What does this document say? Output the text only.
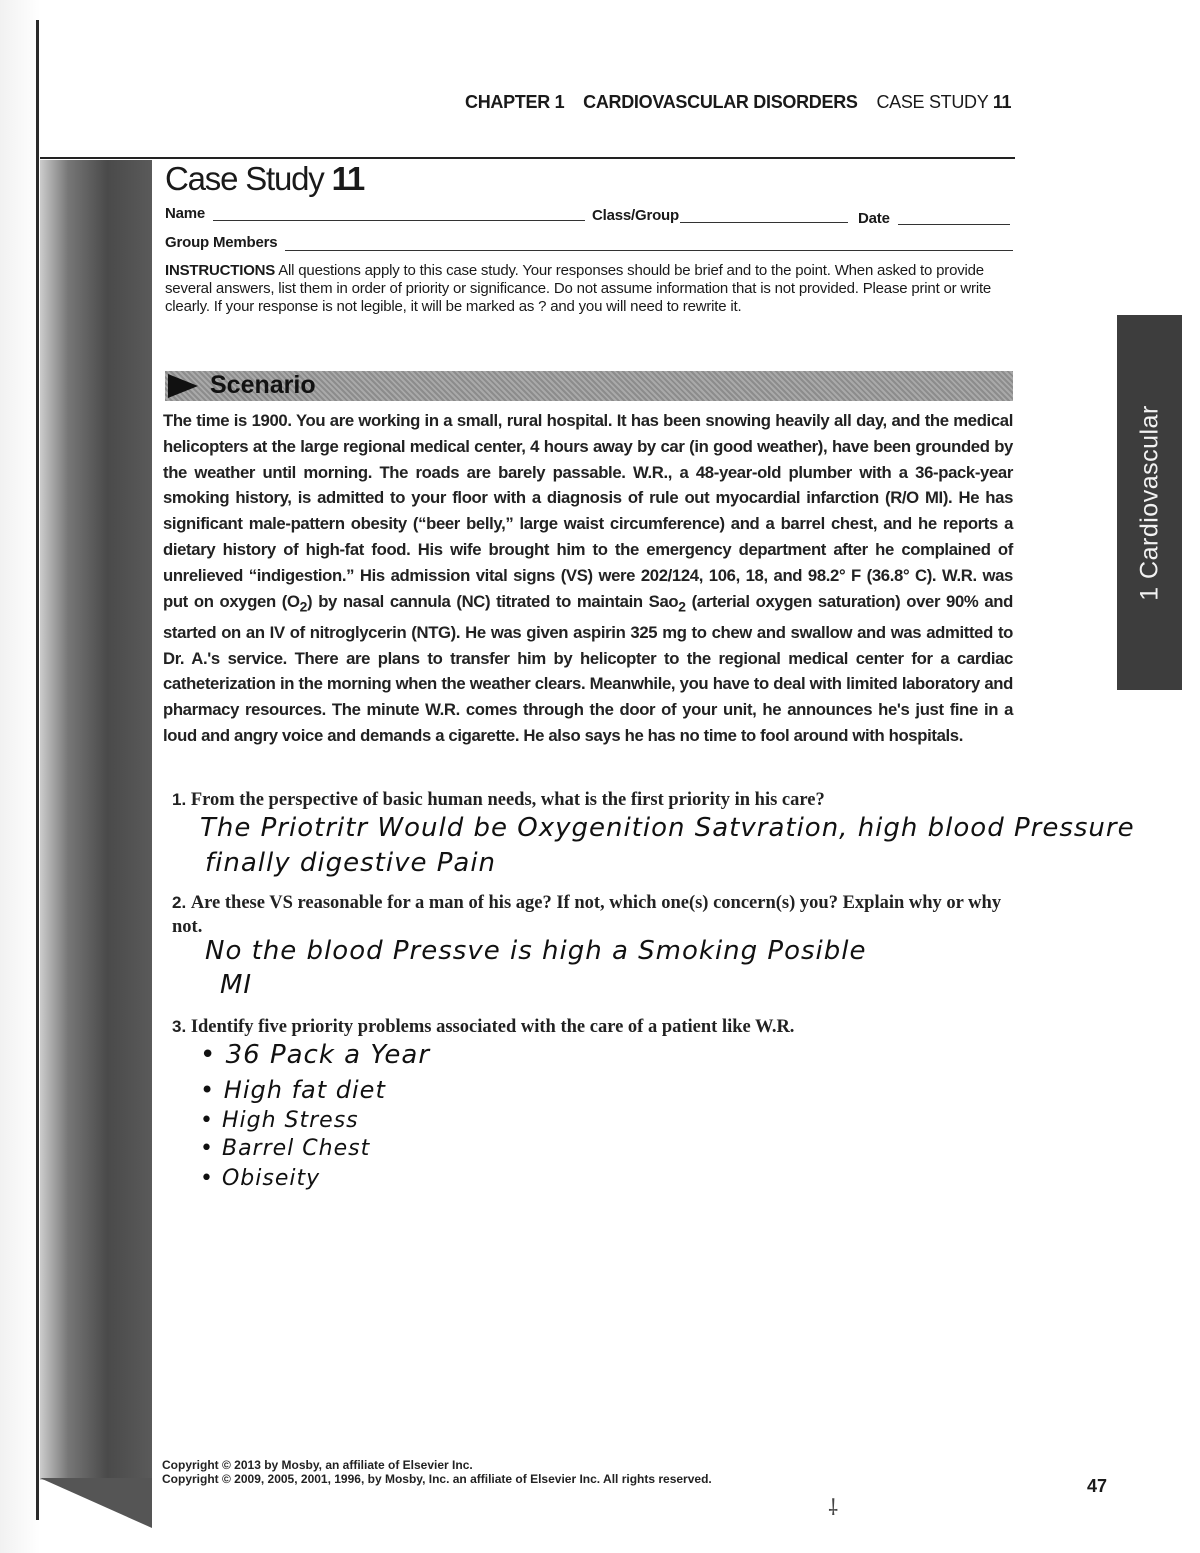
CHAPTER 1 CARDIOVASCULAR DISORDERS CASE STUDY 11
Case Study 11
Name	Class/Group	Date
Group Members
INSTRUCTIONS All questions apply to this case study. Your responses should be brief and to the point. When asked to provide several answers, list them in order of priority or significance. Do not assume information that is not provided. Please print or write clearly. If your response is not legible, it will be marked as ? and you will need to rewrite it.
Scenario
The time is 1900. You are working in a small, rural hospital. It has been snowing heavily all day, and the medical helicopters at the large regional medical center, 4 hours away by car (in good weather), have been grounded by the weather until morning. The roads are barely passable. W.R., a 48-year-old plumber with a 36-pack-year smoking history, is admitted to your floor with a diagnosis of rule out myocardial infarction (R/O MI). He has significant male-pattern obesity (“beer belly,” large waist circumference) and a barrel chest, and he reports a dietary history of high-fat food. His wife brought him to the emergency department after he complained of unrelieved “indigestion.” His admission vital signs (VS) were 202/124, 106, 18, and 98.2° F (36.8° C). W.R. was put on oxygen $(O_2)$ by nasal cannula (NC) titrated to maintain Sao$_2$ (arterial oxygen saturation) over 90% and started on an IV of nitroglycerin (NTG). He was given aspirin 325 mg to chew and swallow and was admitted to Dr. A.'s service. There are plans to transfer him by helicopter to the regional medical center for a cardiac catheterization in the morning when the weather clears. Meanwhile, you have to deal with limited laboratory and pharmacy resources. The minute W.R. comes through the door of your unit, he announces he's just fine in a loud and angry voice and demands a cigarette. He also says he has no time to fool around with hospitals.
1 Cardiovascular
1. From the perspective of basic human needs, what is the first priority in his care?
The Priotritr Would be Oxygenition Satvration, high blood Pressure
finally digestive Pain
2. Are these VS reasonable for a man of his age? If not, which one(s) concern(s) you? Explain why or why not.
No the blood Pressve is high a Smoking Posible
MI
3. Identify five priority problems associated with the care of a patient like W.R.
• 36 Pack a Year
• High fat diet
• High Stress
• Barrel Chest
• Obiseity
Copyright © 2013 by Mosby, an affiliate of Elsevier Inc.
Copyright © 2009, 2005, 2001, 1996, by Mosby, Inc. an affiliate of Elsevier Inc. All rights reserved.	47
⸸
